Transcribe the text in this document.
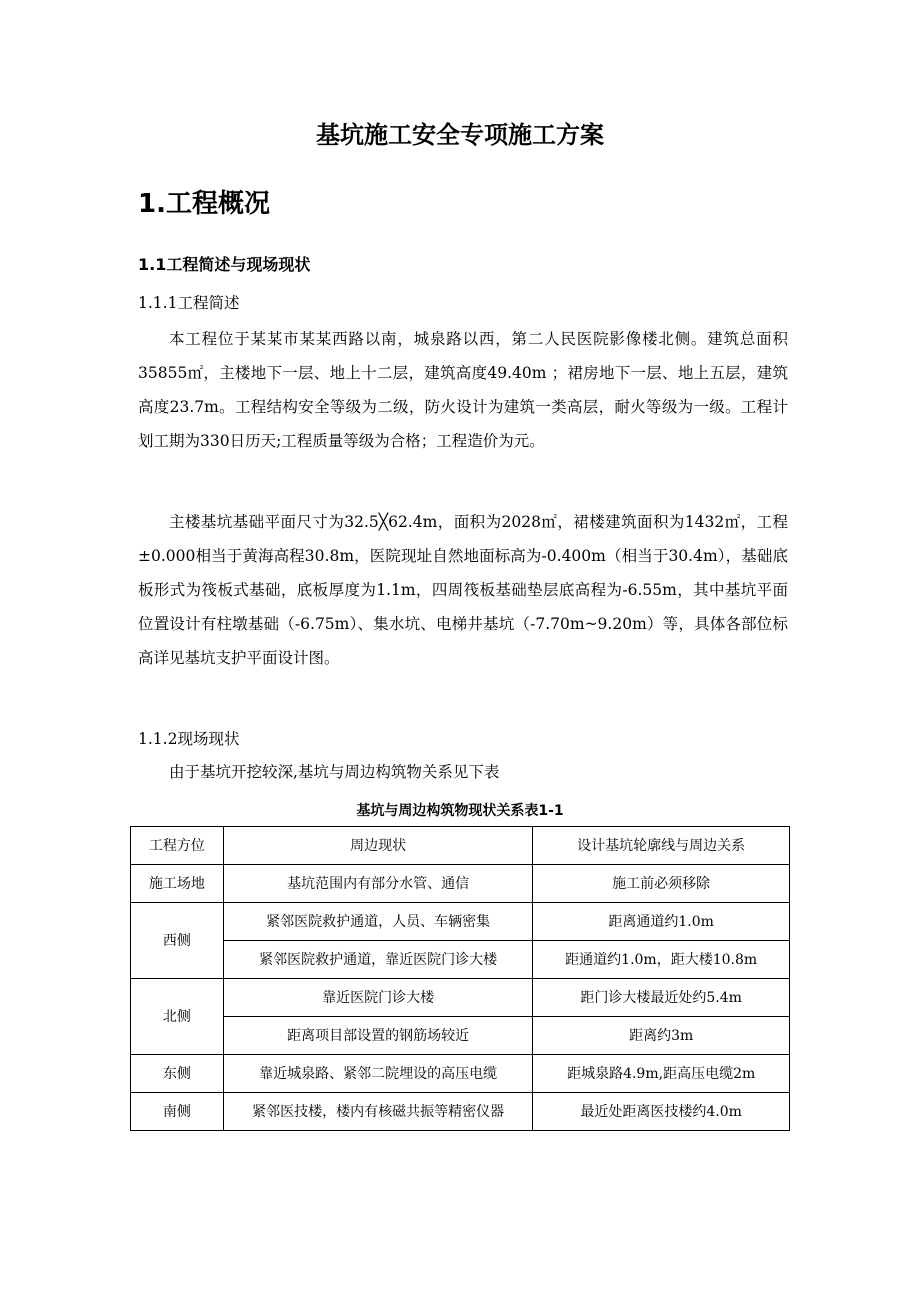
基坑施工安全专项施工方案
1.工程概况
1.1工程简述与现场现状
1.1.1工程简述

本工程位于某某市某某西路以南，城泉路以西，第二人民医院影像楼北侧。建筑总面积35855㎡，主楼地下一层、地上十二层，建筑高度49.40m ；裙房地下一层、地上五层，建筑高度23.7m。工程结构安全等级为二级，防火设计为建筑一类高层，耐火等级为一级。工程计划工期为330日历天;工程质量等级为合格；工程造价为元。

主楼基坑基础平面尺寸为32.5╳62.4m，面积为2028㎡，裙楼建筑面积为1432㎡，工程±0.000相当于黄海高程30.8m，医院现址自然地面标高为-0.400m（相当于30.4m），基础底板形式为筏板式基础，底板厚度为1.1m，四周筏板基础垫层底高程为-6.55m，其中基坑平面位置设计有柱墩基础（-6.75m）、集水坑、电梯井基坑（-7.70m~9.20m）等，具体各部位标高详见基坑支护平面设计图。

1.1.2现场现状

由于基坑开挖较深,基坑与周边构筑物关系见下表

基坑与周边构筑物现状关系表1-1
工程方位	周边现状	设计基坑轮廓线与周边关系
施工场地	基坑范围内有部分水管、通信	施工前必须移除
西侧	紧邻医院救护通道，人员、车辆密集	距离通道约1.0m
	紧邻医院救护通道，靠近医院门诊大楼	距通道约1.0m，距大楼10.8m
北侧	靠近医院门诊大楼	距门诊大楼最近处约5.4m
	距离项目部设置的钢筋场较近	距离约3m
东侧	靠近城泉路、紧邻二院埋设的高压电缆	距城泉路4.9m,距高压电缆2m
南侧	紧邻医技楼，楼内有核磁共振等精密仪器	最近处距离医技楼约4.0m
